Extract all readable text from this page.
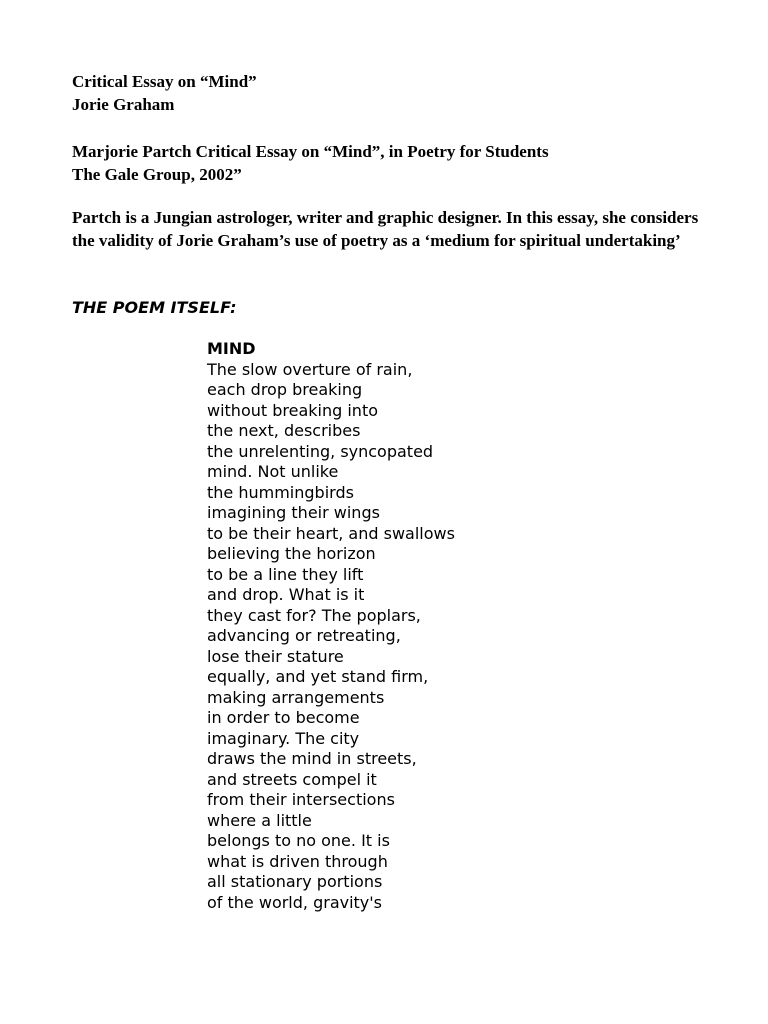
Critical Essay on “Mind”
Jorie Graham
Marjorie Partch Critical Essay on “Mind”, in Poetry for Students
The Gale Group, 2002”
Partch is a Jungian astrologer, writer and graphic designer. In this essay, she considers the validity of Jorie Graham’s use of poetry as a ‘medium for spiritual undertaking’
THE POEM ITSELF:
MIND
The slow overture of rain,
each drop breaking
without breaking into
the next, describes
the unrelenting, syncopated
mind. Not unlike
the hummingbirds
imagining their wings
to be their heart, and swallows
believing the horizon
to be a line they lift
and drop. What is it
they cast for? The poplars,
advancing or retreating,
lose their stature
equally, and yet stand firm,
making arrangements
in order to become
imaginary. The city
draws the mind in streets,
and streets compel it
from their intersections
where a little
belongs to no one. It is
what is driven through
all stationary portions
of the world, gravity's
